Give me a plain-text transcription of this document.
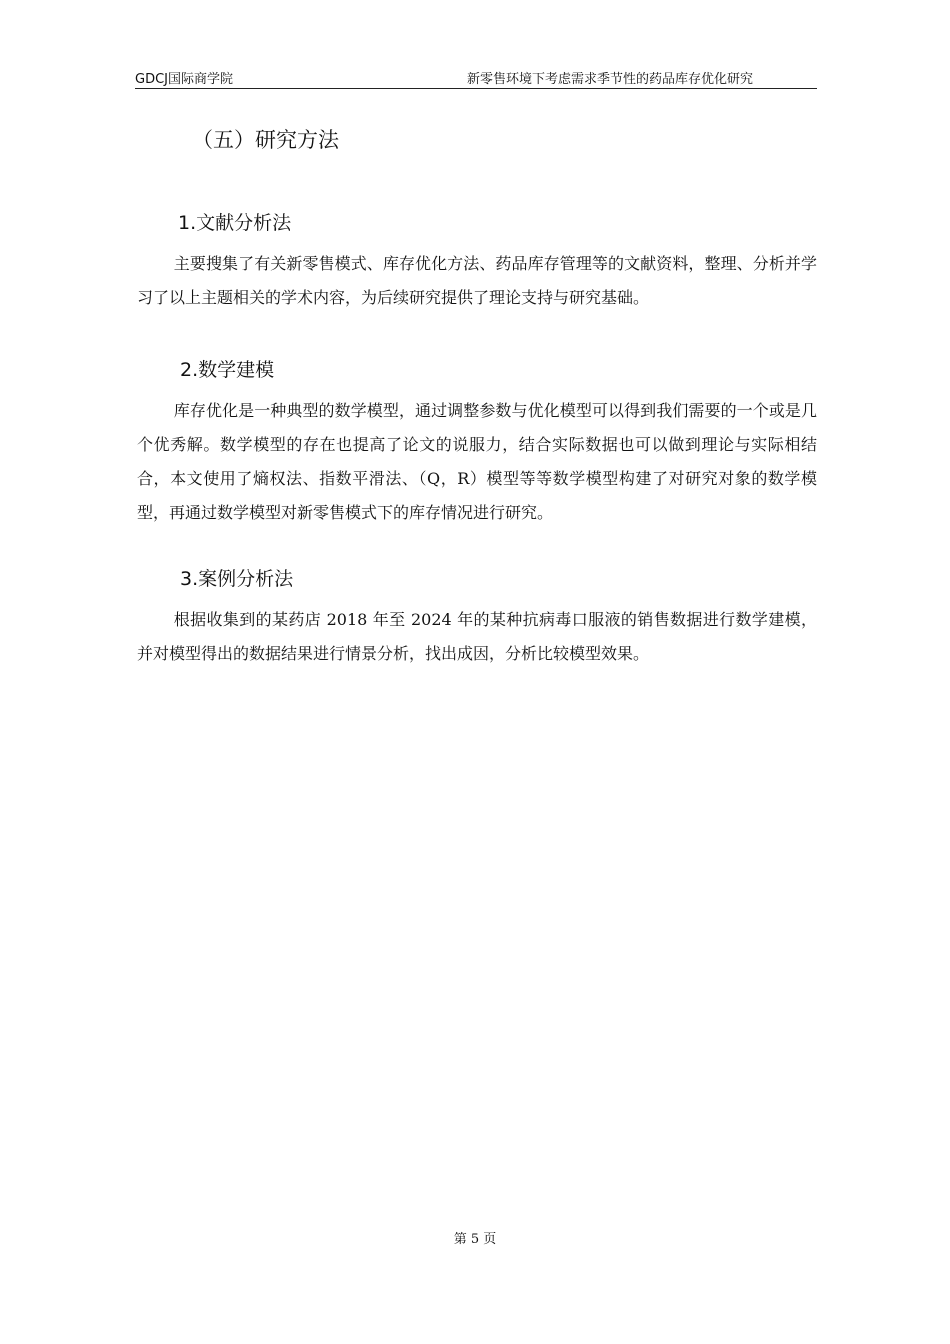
GDCJ国际商学院	新零售环境下考虑需求季节性的药品库存优化研究
（五）研究方法
1.文献分析法
主要搜集了有关新零售模式、库存优化方法、药品库存管理等的文献资料，整理、分析并学习了以上主题相关的学术内容，为后续研究提供了理论支持与研究基础。
2.数学建模
库存优化是一种典型的数学模型，通过调整参数与优化模型可以得到我们需要的一个或是几个优秀解。数学模型的存在也提高了论文的说服力，结合实际数据也可以做到理论与实际相结合，本文使用了熵权法、指数平滑法、（Q，R）模型等等数学模型构建了对研究对象的数学模型，再通过数学模型对新零售模式下的库存情况进行研究。
3.案例分析法
根据收集到的某药店 2018 年至 2024 年的某种抗病毒口服液的销售数据进行数学建模，并对模型得出的数据结果进行情景分析，找出成因，分析比较模型效果。
第 5 页
